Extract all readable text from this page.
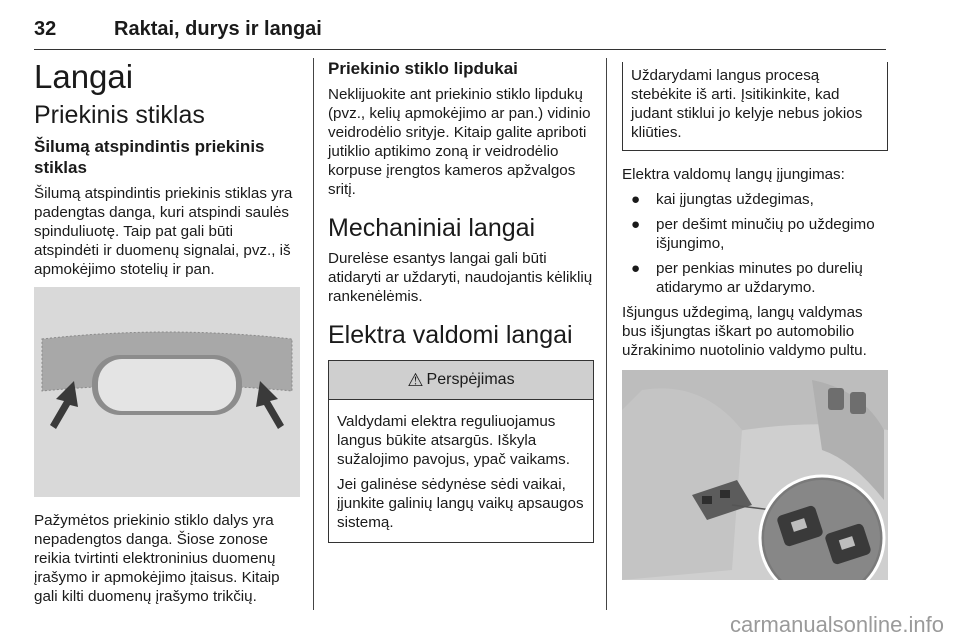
32	Raktai, durys ir langai
Langai
Priekinis stiklas
Šilumą atspindintis priekinis stiklas
Šilumą atspindintis priekinis stiklas yra padengtas danga, kuri atspindi saulės spinduliuotę. Taip pat gali būti atspindėti ir duomenų signalai, pvz., iš apmokėjimo stotelių ir pan.
Pažymėtos priekinio stiklo dalys yra nepadengtos danga. Šiose zonose reikia tvirtinti elektroninius duomenų įrašymo ir apmokėjimo įtaisus. Kitaip gali kilti duomenų įrašymo trikčių.
Priekinio stiklo lipdukai
Neklijuokite ant priekinio stiklo lipdukų (pvz., kelių apmokėjimo ar pan.) vidinio veidrodėlio srityje. Kitaip galite apriboti jutiklio aptikimo zoną ir veidrodėlio korpuse įrengtos kameros apžvalgos sritį.
Mechaniniai langai
Durelėse esantys langai gali būti atidaryti ar uždaryti, naudojantis kėliklių rankenėlėmis.
Elektra valdomi langai
⚠ Perspėjimas
Valdydami elektra reguliuojamus langus būkite atsargūs. Iškyla sužalojimo pavojus, ypač vaikams.
Jei galinėse sėdynėse sėdi vaikai, įjunkite galinių langų vaikų apsaugos sistemą.
Uždarydami langus procesą stebėkite iš arti. Įsitikinkite, kad judant stiklui jo kelyje nebus jokios kliūties.
Elektra valdomų langų įjungimas:
● kai įjungtas uždegimas,
● per dešimt minučių po uždegimo išjungimo,
● per penkias minutes po durelių atidarymo ar uždarymo.
Išjungus uždegimą, langų valdymas bus išjungtas iškart po automobilio užrakinimo nuotolinio valdymo pultu.
carmanualsonline.info
